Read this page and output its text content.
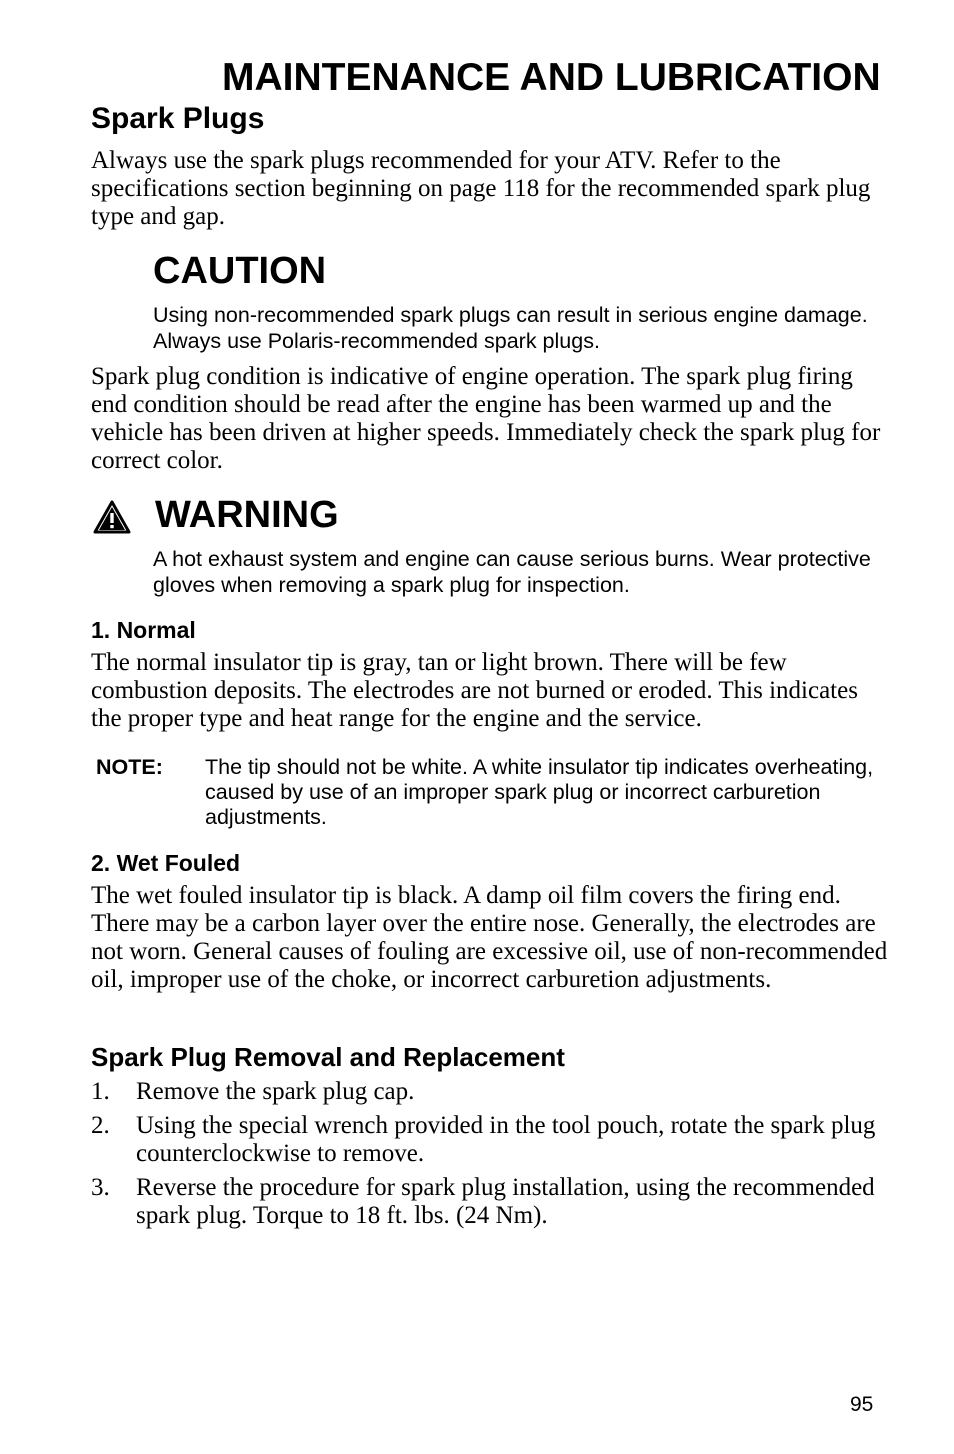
MAINTENANCE AND LUBRICATION
Spark Plugs
Always use the spark plugs recommended for your ATV. Refer to the specifications section beginning on page 118 for the recommended spark plug type and gap.
CAUTION
Using non-recommended spark plugs can result in serious engine damage. Always use Polaris-recommended spark plugs.
Spark plug condition is indicative of engine operation. The spark plug firing end condition should be read after the engine has been warmed up and the vehicle has been driven at higher speeds. Immediately check the spark plug for correct color.
WARNING
A hot exhaust system and engine can cause serious burns. Wear protective gloves when removing a spark plug for inspection.
1. Normal
The normal insulator tip is gray, tan or light brown. There will be few combustion deposits. The electrodes are not burned or eroded. This indicates the proper type and heat range for the engine and the service.
NOTE: The tip should not be white. A white insulator tip indicates overheating, caused by use of an improper spark plug or incorrect carburetion adjustments.
2. Wet Fouled
The wet fouled insulator tip is black. A damp oil film covers the firing end. There may be a carbon layer over the entire nose. Generally, the electrodes are not worn. General causes of fouling are excessive oil, use of non-recommended oil, improper use of the choke, or incorrect carburetion adjustments.
Spark Plug Removal and Replacement
1. Remove the spark plug cap.
2. Using the special wrench provided in the tool pouch, rotate the spark plug counterclockwise to remove.
3. Reverse the procedure for spark plug installation, using the recommended spark plug. Torque to 18 ft. lbs. (24 Nm).
95
